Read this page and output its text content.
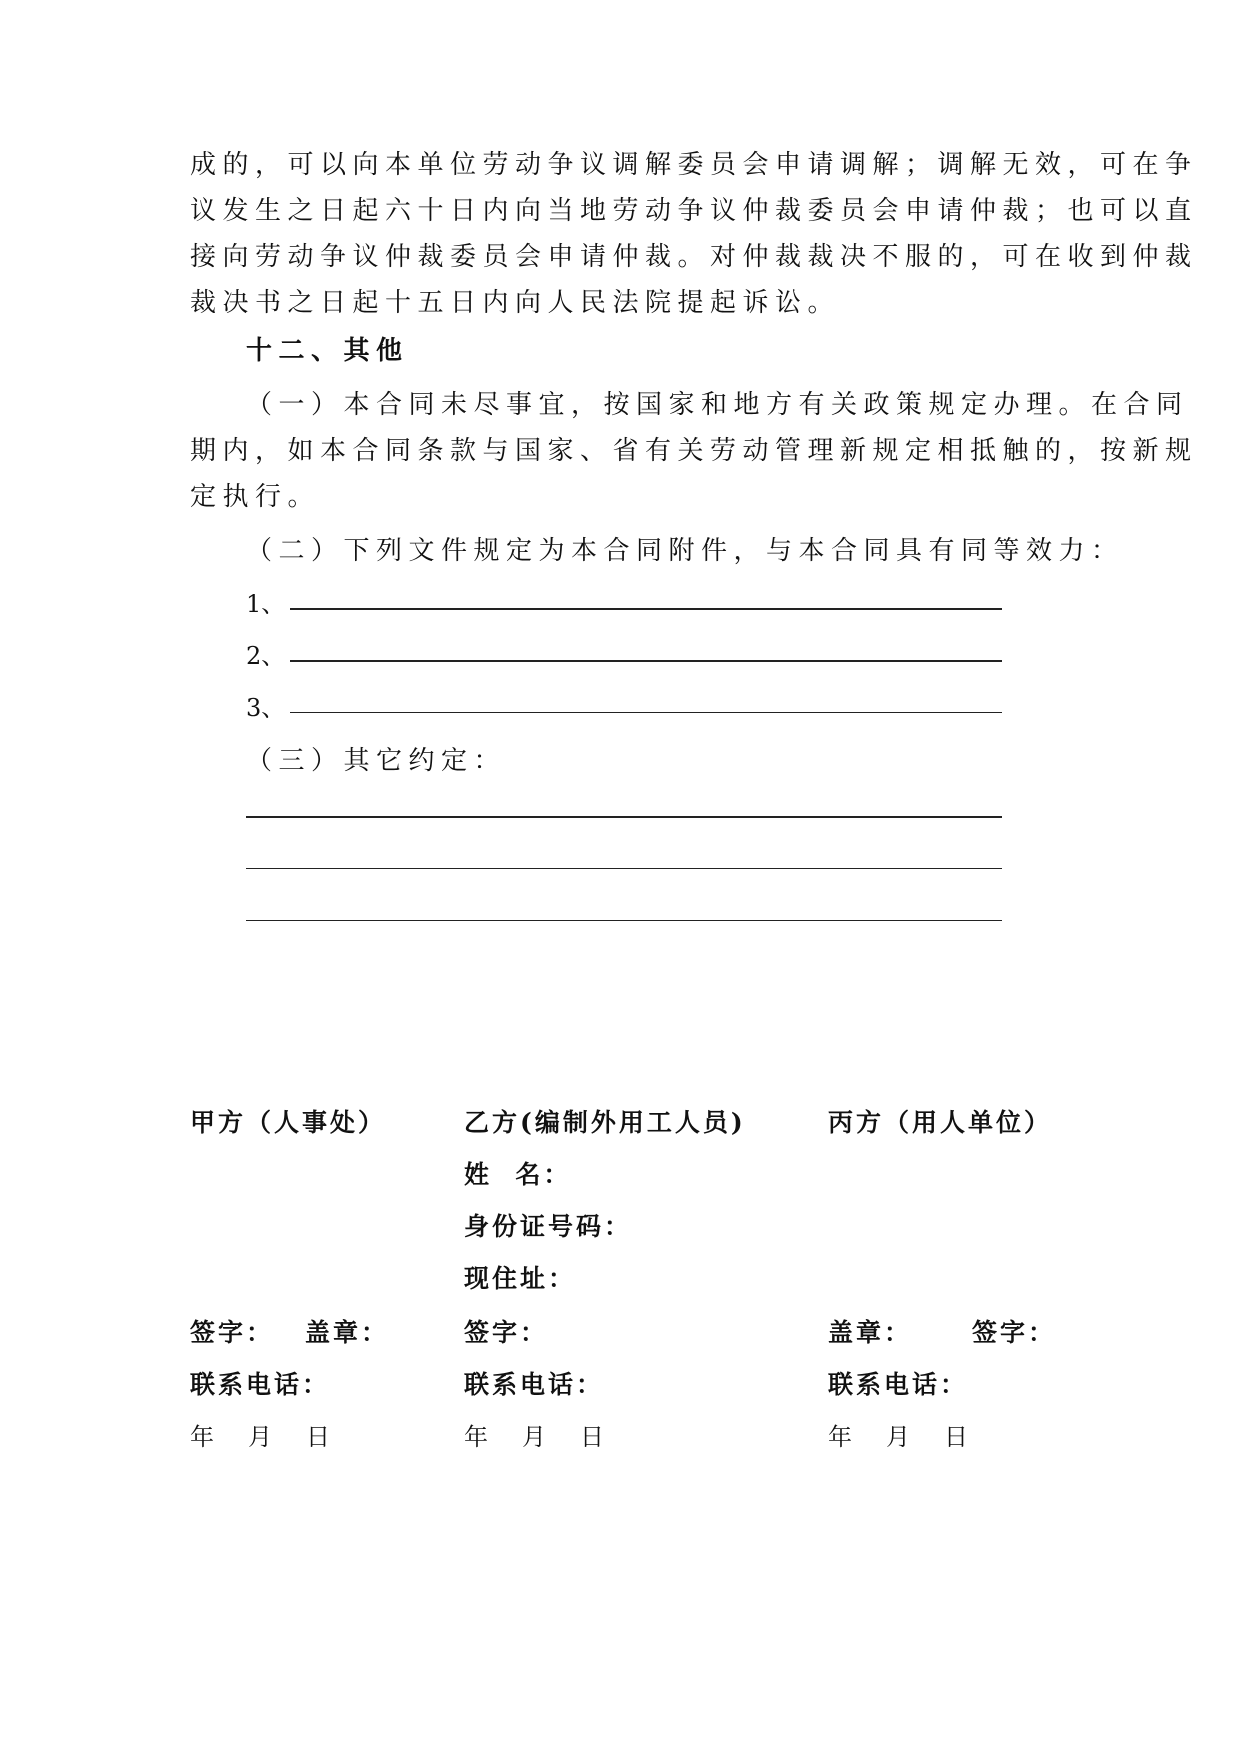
成的，可以向本单位劳动争议调解委员会申请调解；调解无效，可在争
议发生之日起六十日内向当地劳动争议仲裁委员会申请仲裁；也可以直
接向劳动争议仲裁委员会申请仲裁。对仲裁裁决不服的，可在收到仲裁
裁决书之日起十五日内向人民法院提起诉讼。
十二、其他
（一）本合同未尽事宜，按国家和地方有关政策规定办理。在合同
期内，如本合同条款与国家、省有关劳动管理新规定相抵触的，按新规
定执行。
（二）下列文件规定为本合同附件，与本合同具有同等效力：
1、
2、
3、
（三）其它约定：
甲方（人事处）
签字： 盖章：
联系电话：
年 月 日
乙方(编制外用工人员)
姓  名：
身份证号码：
现住址：
签字：
联系电话：
年 月 日
丙方（用人单位）
盖章： 签字：
联系电话：
年 月 日
